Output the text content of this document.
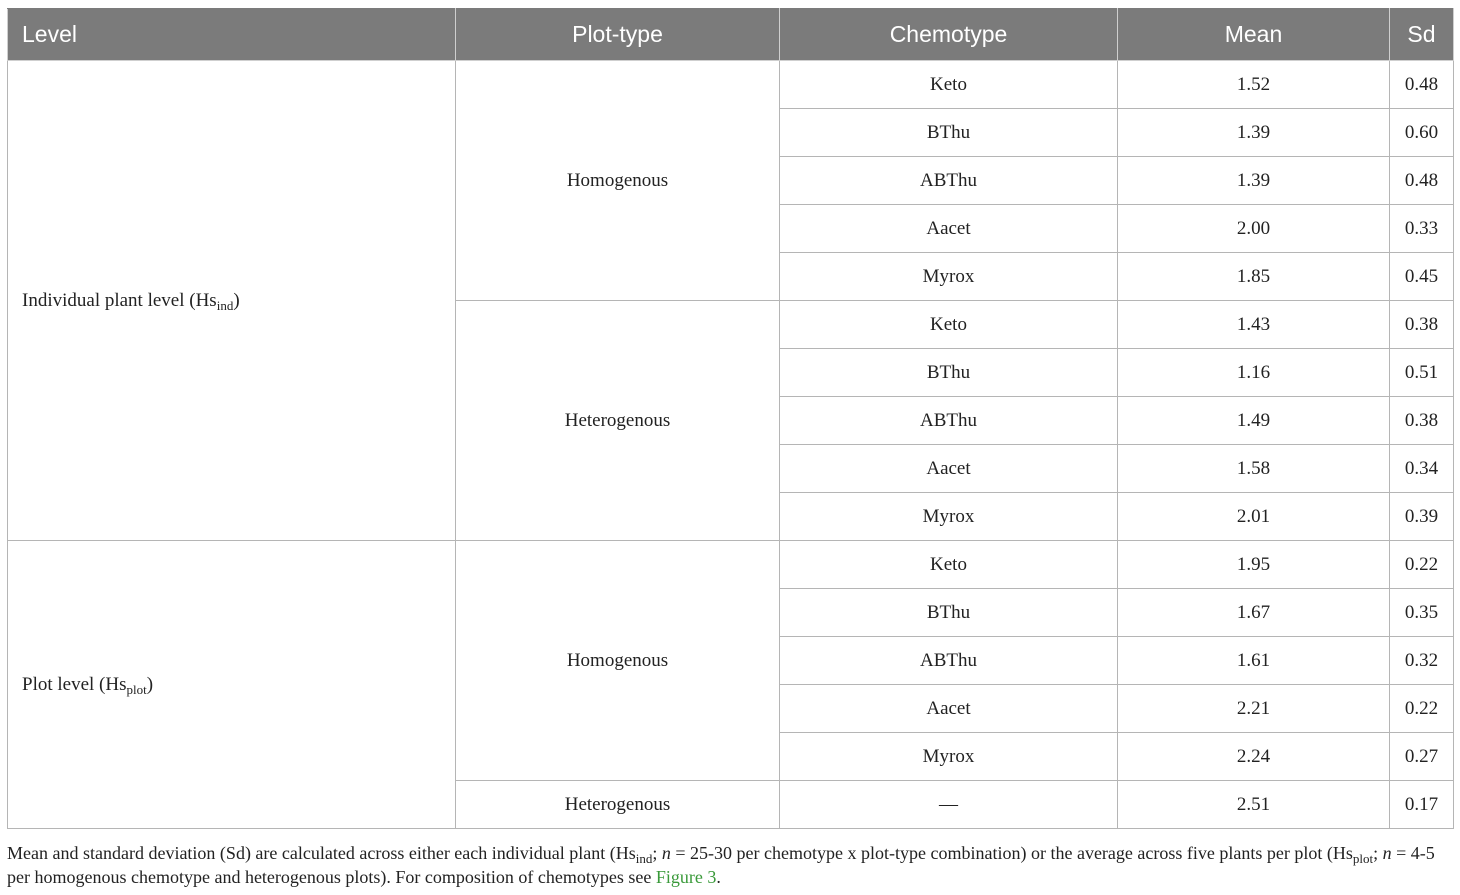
Level	Plot-type	Chemotype	Mean	Sd
Individual plant level $(Hs_{ind})$	Homogenous	Keto	1.52	0.48
		BThu	1.39	0.60
		ABThu	1.39	0.48
		Aacet	2.00	0.33
		Myrox	1.85	0.45
	Heterogenous	Keto	1.43	0.38
		BThu	1.16	0.51
		ABThu	1.49	0.38
		Aacet	1.58	0.34
		Myrox	2.01	0.39
Plot level $(Hs_{plot})$	Homogenous	Keto	1.95	0.22
		BThu	1.67	0.35
		ABThu	1.61	0.32
		Aacet	2.21	0.22
		Myrox	2.24	0.27
	Heterogenous	—	2.51	0.17
Mean and standard deviation (Sd) are calculated across either each individual plant ($Hs_{ind}$; n = 25-30 per chemotype x plot-type combination) or the average across five plants per plot ($Hs_{plot}$; n = 4-5 per homogenous chemotype and heterogenous plots). For composition of chemotypes see Figure 3.
